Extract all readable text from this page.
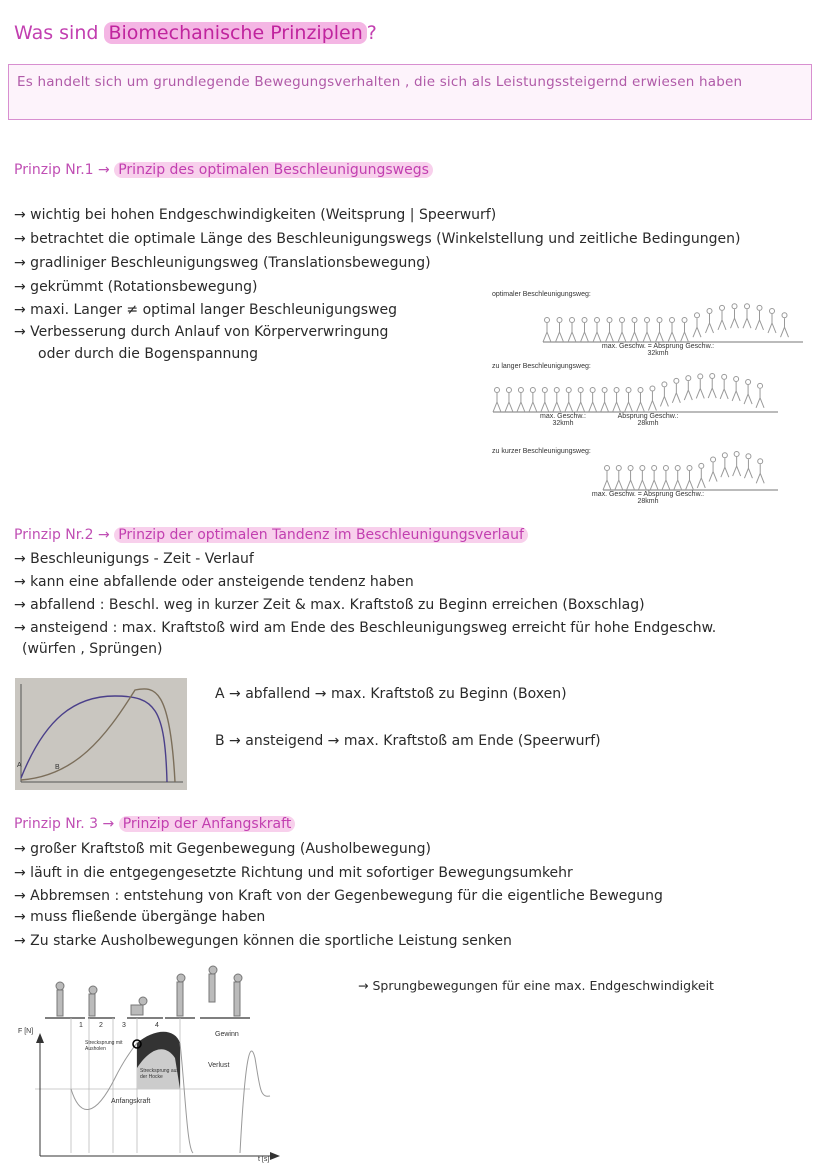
Was sind Biomechanische Prinziplen ?
Es handelt sich um grundlegende Bewegungsverhalten , die sich als Leistungssteigernd erwiesen haben
Prinzip Nr.1 → Prinzip des optimalen Beschleunigungswegs
→ wichtig bei hohen Endgeschwindigkeiten (Weitsprung | Speerwurf)
→ betrachtet die optimale Länge des Beschleunigungswegs (Winkelstellung und zeitliche Bedingungen)
→ gradliniger Beschleunigungsweg (Translationsbewegung)
→ gekrümmt (Rotationsbewegung)
→ maxi. Langer ≠ optimal langer Beschleunigungsweg
→ Verbesserung durch Anlauf von Körperverwringung
oder durch die Bogenspannung
optimaler Beschleunigungsweg:
max. Geschw. = Absprung Geschw.:
32kmh
zu langer Beschleunigungsweg:
max. Geschw.:
32kmh
Absprung Geschw.:
28kmh
zu kurzer Beschleunigungsweg:
max. Geschw. = Absprung Geschw.:
28kmh
Prinzip Nr.2 → Prinzip der optimalen Tandenz im Beschleunigungsverlauf
→ Beschleunigungs - Zeit - Verlauf
→ kann eine abfallende oder ansteigende tendenz haben
→ abfallend : Beschl. weg in kurzer Zeit & max. Kraftstoß zu Beginn erreichen (Boxschlag)
→ ansteigend : max. Kraftstoß wird am Ende des Beschleunigungsweg erreicht für hohe Endgeschw.
(würfen , Sprüngen)
A	B
A → abfallend → max. Kraftstoß zu Beginn (Boxen)
B → ansteigend → max. Kraftstoß am Ende (Speerwurf)
Prinzip Nr. 3 → Prinzip der Anfangskraft
→ großer Kraftstoß mit Gegenbewegung (Ausholbewegung)
→ läuft in die entgegengesetzte Richtung und mit sofortiger Bewegungsumkehr
→ Abbremsen : entstehung von Kraft von der Gegenbewegung für die eigentliche Bewegung
→ muss fließende übergänge haben
→ Zu starke Ausholbewegungen können die sportliche Leistung senken
→ Sprungbewegungen für eine max. Endgeschwindigkeit
F [N]
t [s]
1 2	3	4
Gewinn
Verlust
Strecksprung mit Ausholen
Strecksprung aus der Hocke
Anfangskraft
